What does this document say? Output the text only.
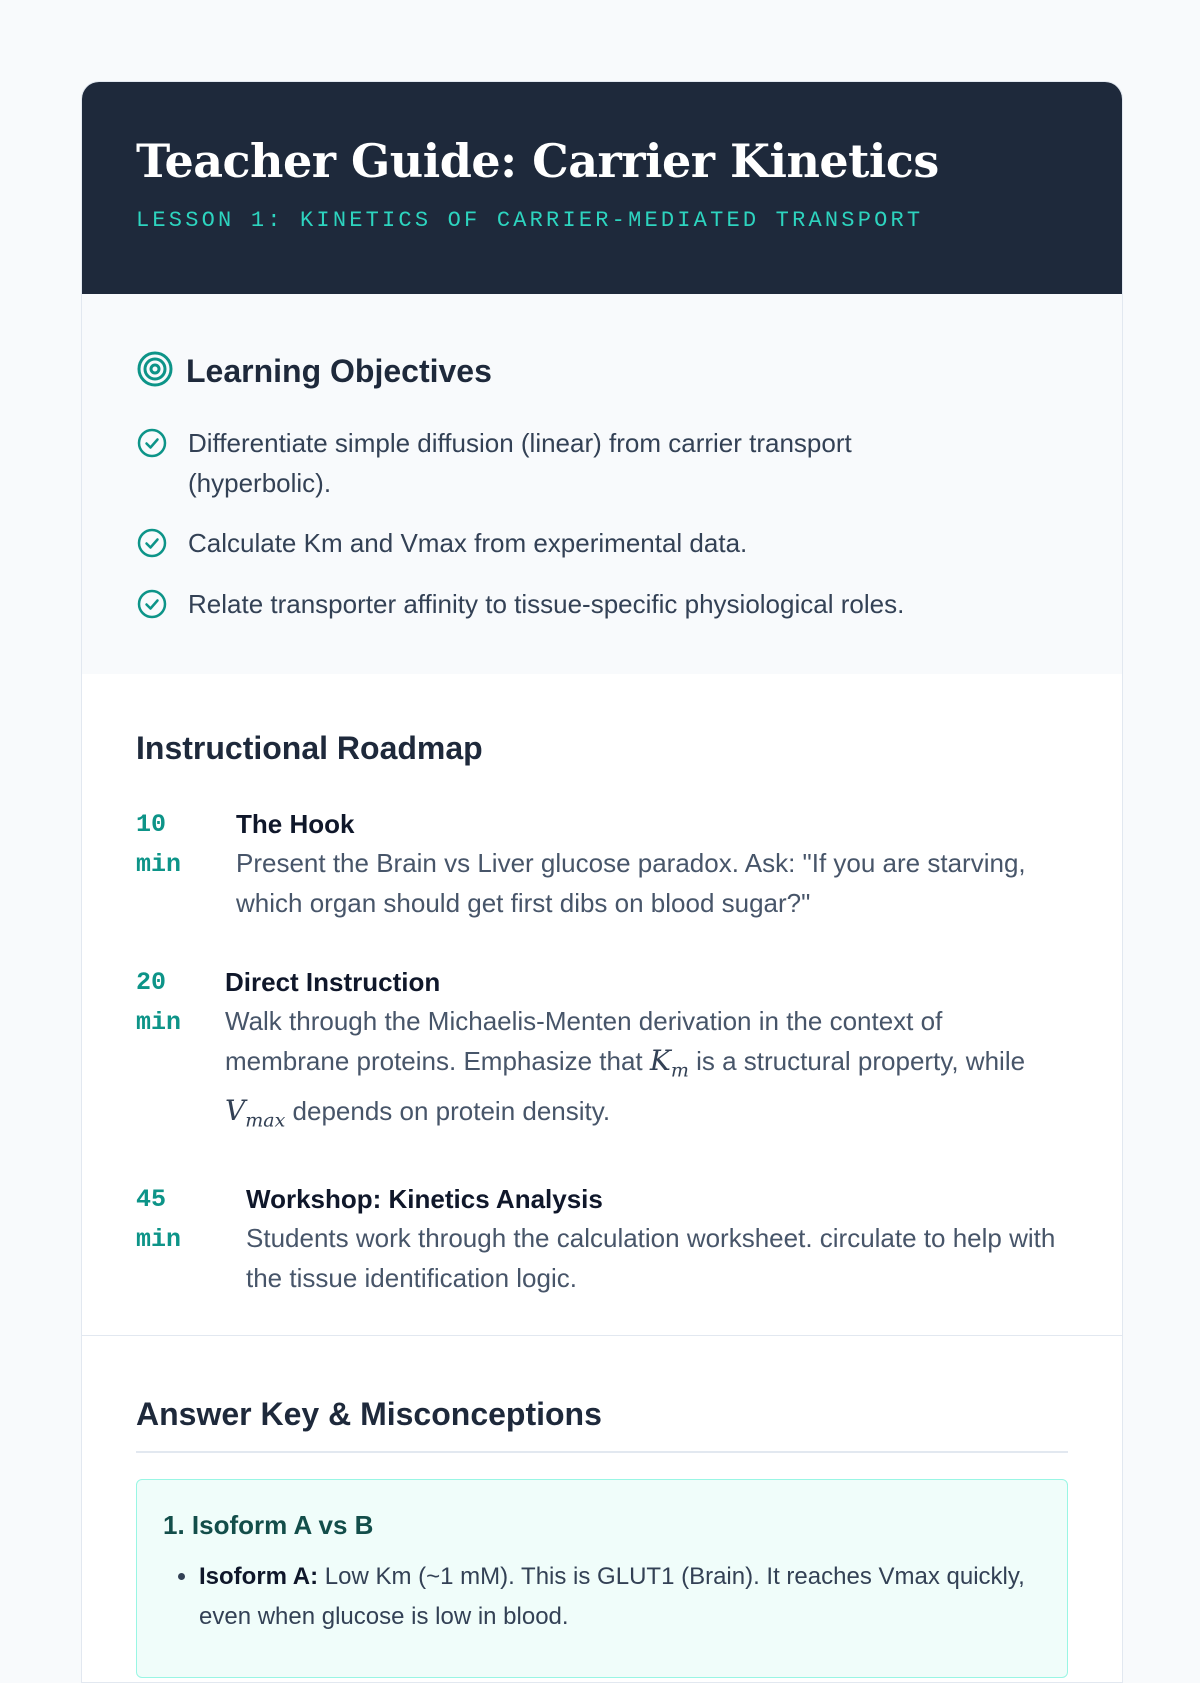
Teacher Guide: Carrier Kinetics
LESSON 1: KINETICS OF CARRIER-MEDIATED TRANSPORT
Learning Objectives
Differentiate simple diffusion (linear) from carrier transport (hyperbolic).
Calculate Km and Vmax from experimental data.
Relate transporter affinity to tissue-specific physiological roles.
Instructional Roadmap
10 min
The Hook
Present the Brain vs Liver glucose paradox. Ask: "If you are starving, which organ should get first dibs on blood sugar?"
20 min
Direct Instruction
Walk through the Michaelis-Menten derivation in the context of membrane proteins. Emphasize that $K_m$ is a structural property, while $V_{max}$ depends on protein density.
45 min
Workshop: Kinetics Analysis
Students work through the calculation worksheet. circulate to help with the tissue identification logic.
Answer Key & Misconceptions
1. Isoform A vs B
• Isoform A: Low Km (~1 mM). This is GLUT1 (Brain). It reaches Vmax quickly, even when glucose is low in blood.
